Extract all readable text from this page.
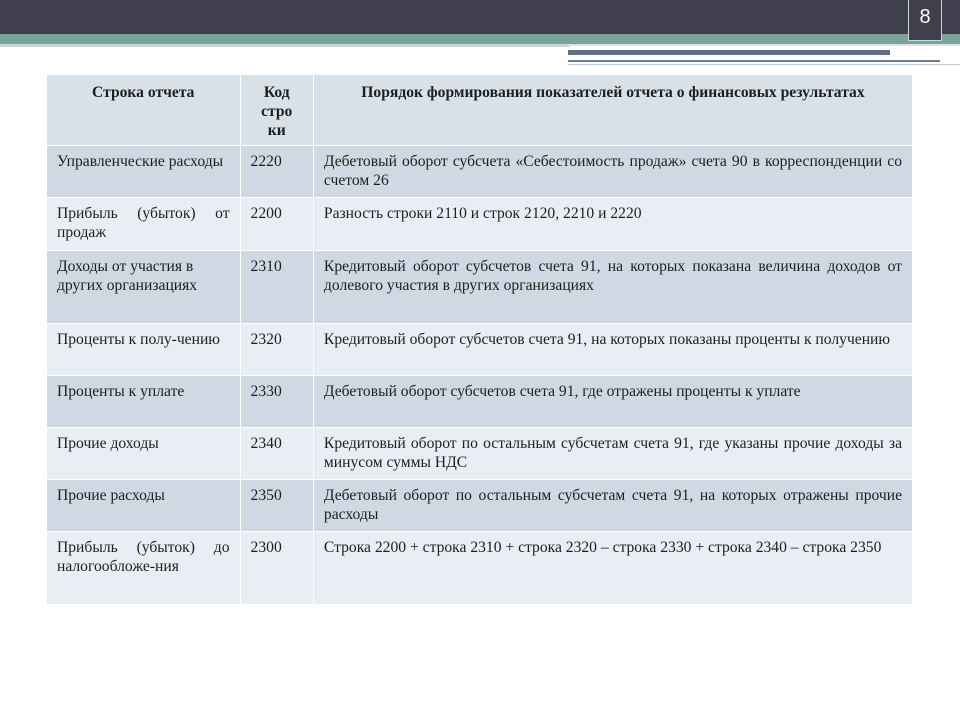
8
Строка отчета	Код стро ки	Порядок формирования показателей отчета о финансовых результатах
Управленческие расходы	2220	Дебетовый оборот субсчета «Себестоимость продаж» счета 90 в корреспонденции со счетом 26
Прибыль (убыток) от продаж	2200	Разность строки 2110 и строк 2120, 2210 и 2220
Доходы от участия в других организациях	2310	Кредитовый оборот субсчетов счета 91, на которых показана величина доходов от долевого участия в других организациях
Проценты к полу-чению	2320	Кредитовый оборот субсчетов счета 91, на которых показаны проценты к получению
Проценты к уплате	2330	Дебетовый оборот субсчетов счета 91, где отражены проценты к уплате
Прочие доходы	2340	Кредитовый оборот по остальным субсчетам счета 91, где указаны прочие доходы за минусом суммы НДС
Прочие расходы	2350	Дебетовый оборот по остальным субсчетам счета 91, на которых отражены прочие расходы
Прибыль (убыток) до налогообложе-ния	2300	Строка 2200 + строка 2310 + строка 2320 – строка 2330 + строка 2340 – строка 2350
